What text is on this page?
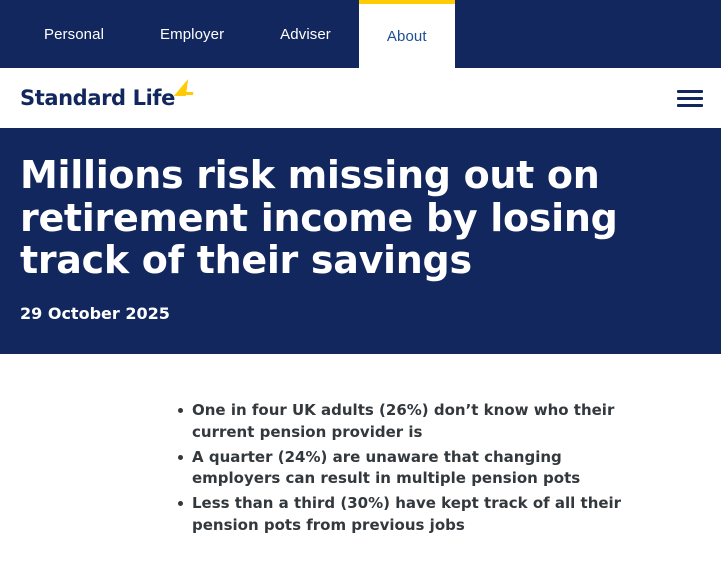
Personal	Employer	Adviser	About
Standard Life
Millions risk missing out on retirement income by losing track of their savings

29 October 2025

One in four UK adults (26%) don’t know who their current pension provider is
A quarter (24%) are unaware that changing employers can result in multiple pension pots
Less than a third (30%) have kept track of all their pension pots from previous jobs
